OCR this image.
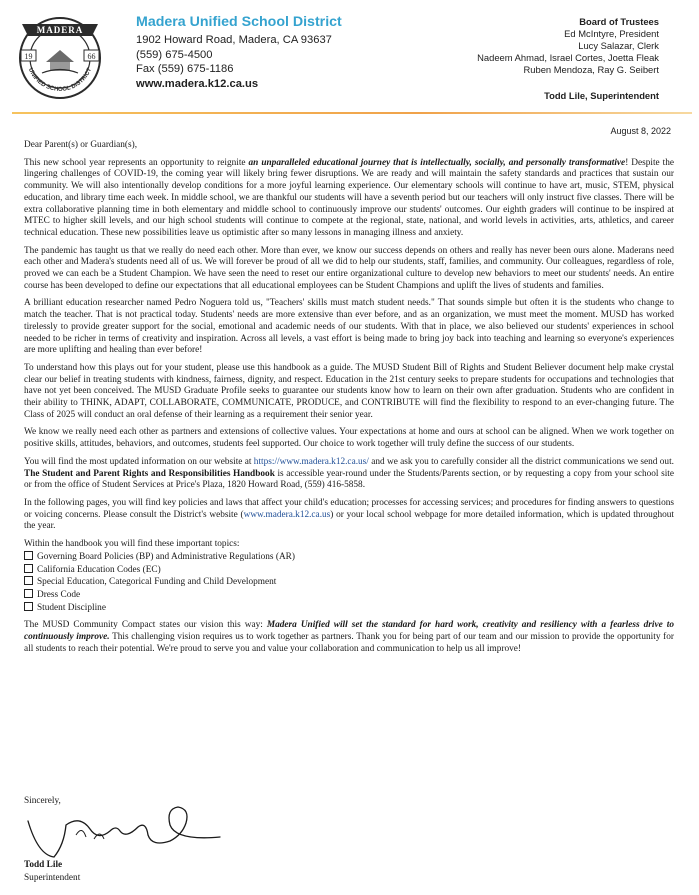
MADERA
19	66
UNIFIED SCHOOL DISTRICT
Madera Unified School District
1902 Howard Road, Madera, CA 93637
(559) 675-4500
Fax (559) 675-1186
www.madera.k12.ca.us
Board of Trustees
Ed McIntyre, President
Lucy Salazar, Clerk
Nadeem Ahmad, Israel Cortes, Joetta Fleak
Ruben Mendoza, Ray G. Seibert
Todd Lile, Superintendent
August 8, 2022

Dear Parent(s) or Guardian(s),

This new school year represents an opportunity to reignite an unparalleled educational journey that is intellectually, socially, and personally transformative! Despite the lingering challenges of COVID-19, the coming year will likely bring fewer disruptions. We are ready and will maintain the safety standards and practices that sustain our community. We will also intentionally develop conditions for a more joyful learning experience. Our elementary schools will continue to have art, music, STEM, physical education, and library time each week. In middle school, we are thankful our students will have a seventh period but our teachers will only instruct five classes. There will be extra collaborative planning time in both elementary and middle school to continuously improve our students' outcomes. Our eighth graders will continue to be inspired at MTEC to higher skill levels, and our high school students will continue to compete at the regional, state, national, and world levels in activities, arts, athletics, and career technical education. These new possibilities leave us optimistic after so many lessons in managing illness and anxiety.

The pandemic has taught us that we really do need each other. More than ever, we know our success depends on others and really has never been ours alone. Maderans need each other and Madera's students need all of us. We will forever be proud of all we did to help our students, staff, families, and community. Our colleagues, regardless of role, proved we can each be a Student Champion. We have seen the need to reset our entire organizational culture to develop new behaviors to meet our students' needs. An entire course has been developed to define our expectations that all educational employees can be Student Champions and uplift the lives of students and families.

A brilliant education researcher named Pedro Noguera told us, "Teachers' skills must match student needs." That sounds simple but often it is the students who change to match the teacher. That is not practical today. Students' needs are more extensive than ever before, and as an organization, we must meet the moment. MUSD has worked tirelessly to provide greater support for the social, emotional and academic needs of our students. With that in place, we also believed our students' experiences in school needed to be richer in terms of creativity and inspiration. Across all levels, a vast effort is being made to bring joy back into teaching and learning so everyone's experiences are more uplifting and healing than ever before!

To understand how this plays out for your student, please use this handbook as a guide. The MUSD Student Bill of Rights and Student Believer document help make crystal clear our belief in treating students with kindness, fairness, dignity, and respect. Education in the 21st century seeks to prepare students for occupations and technologies that have not yet been conceived. The MUSD Graduate Profile seeks to guarantee our students know how to learn on their own after graduation. Students who are confident in their ability to THINK, ADAPT, COLLABORATE, COMMUNICATE, PRODUCE, and CONTRIBUTE will find the flexibility to respond to an ever-changing future. The Class of 2025 will conduct an oral defense of their learning as a requirement their senior year.

We know we really need each other as partners and extensions of collective values. Your expectations at home and ours at school can be aligned. When we work together on positive skills, attitudes, behaviors, and outcomes, students feel supported. Our choice to work together will truly define the success of our students.

You will find the most updated information on our website at https://www.madera.k12.ca.us/ and we ask you to carefully consider all the district communications we send out. The Student and Parent Rights and Responsibilities Handbook is accessible year-round under the Students/Parents section, or by requesting a copy from your school site or from the office of Student Services at Price's Plaza, 1820 Howard Road, (559) 416-5858.

In the following pages, you will find key policies and laws that affect your child's education; processes for accessing services; and procedures for finding answers to questions or voicing concerns. Please consult the District's website (www.madera.k12.ca.us) or your local school webpage for more detailed information, which is updated throughout the year.

Within the handbook you will find these important topics:

Governing Board Policies (BP) and Administrative Regulations (AR)
California Education Codes (EC)
Special Education, Categorical Funding and Child Development
Dress Code
Student Discipline

The MUSD Community Compact states our vision this way: Madera Unified will set the standard for hard work, creativity and resiliency with a fearless drive to continuously improve. This challenging vision requires us to work together as partners. Thank you for being part of our team and our mission to provide the opportunity for all students to reach their potential. We're proud to serve you and value your collaboration and communication to help us all improve!

Sincerely,
Todd Lile
Superintendent
